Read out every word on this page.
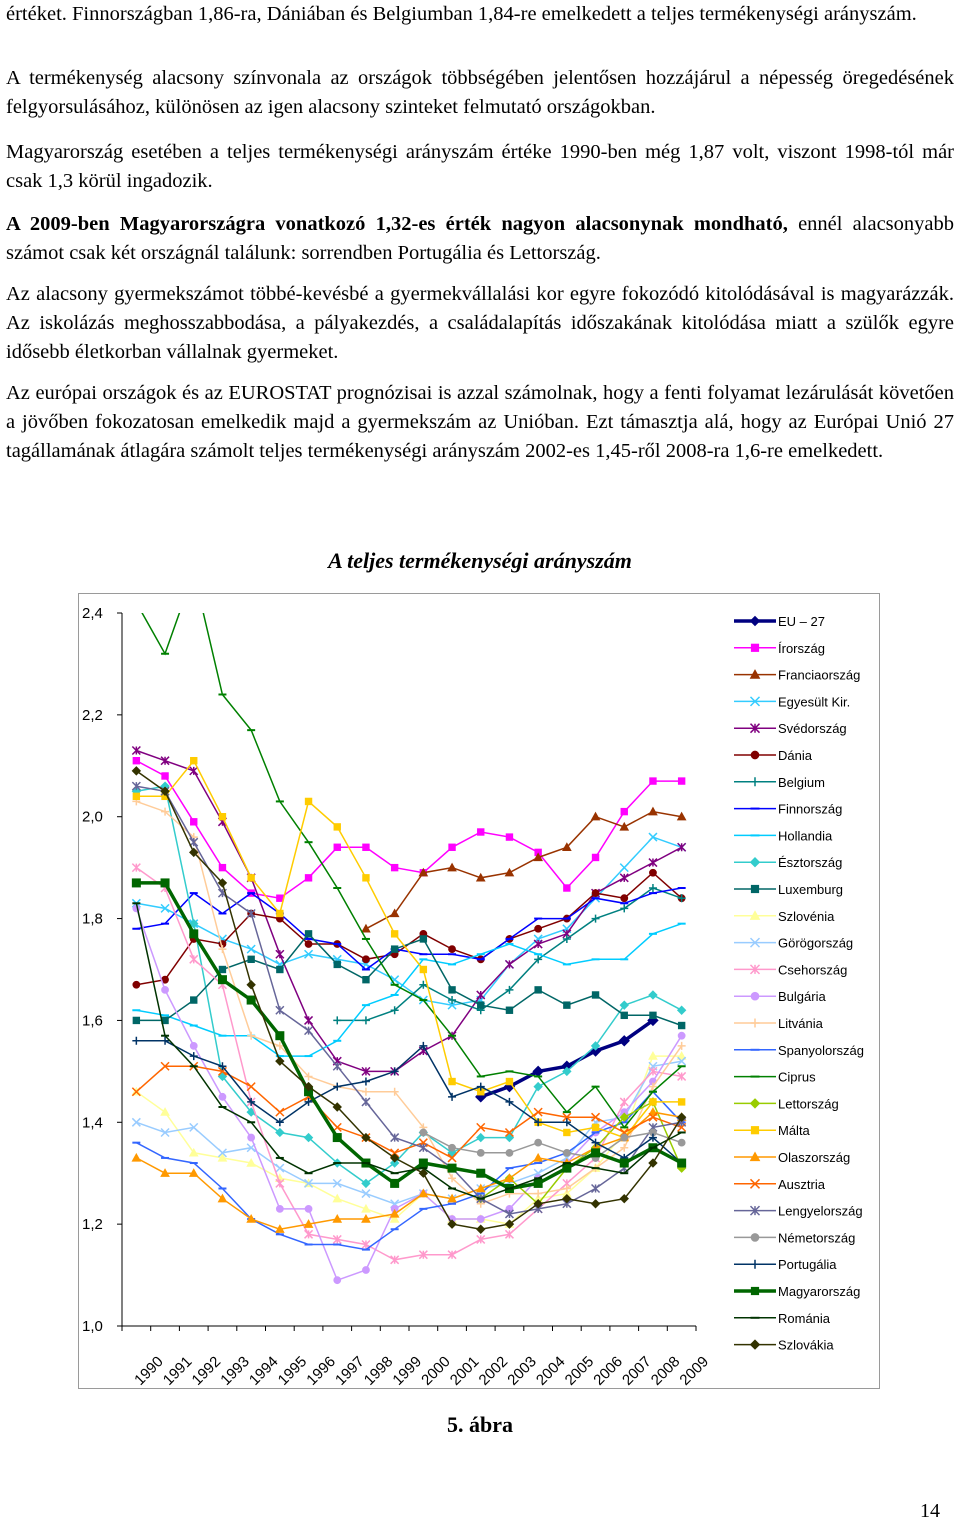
értéket. Finnországban 1,86-ra, Dániában és Belgiumban 1,84-re emelkedett a teljes termékenységi arányszám.

A termékenység alacsony színvonala az országok többségében jelentősen hozzájárul a népesség öregedésének felgyorsulásához, különösen az igen alacsony szinteket felmutató országokban.

Magyarország esetében a teljes termékenységi arányszám értéke 1990-ben még 1,87 volt, viszont 1998-tól már csak 1,3 körül ingadozik.

A 2009-ben Magyarországra vonatkozó 1,32-es érték nagyon alacsonynak mondható, ennél alacsonyabb számot csak két országnál találunk: sorrendben Portugália és Lettország.

Az alacsony gyermekszámot többé-kevésbé a gyermekvállalási kor egyre fokozódó kitolódásával is magyarázzák. Az iskolázás meghosszabbodása, a pályakezdés, a családalapítás időszakának kitolódása miatt a szülők egyre idősebb életkorban vállalnak gyermeket.

Az európai országok és az EUROSTAT prognózisai is azzal számolnak, hogy a fenti folyamat lezárulását követően a jövőben fokozatosan emelkedik majd a gyermekszám az Unióban. Ezt támasztja alá, hogy az Európai Unió 27 tagállamának átlagára számolt teljes termékenységi arányszám 2002-es 1,45-ről 2008-ra 1,6-re emelkedett.

A teljes termékenységi arányszám
2,4
2,2
2,0
1,8
1,6
1,4
1,2
1,0
1990
1991
1992
1993
1994
1995
1996
1997
1998
1999
2000
2001
2002
2003
2004
2005
2006
2007
2008
2009
EU – 27
Írország
Franciaország
Egyesült Kir.
Svédország
Dánia
Belgium
Finnország
Hollandia
Észtország
Luxemburg
Szlovénia
Görögország
Csehország
Bulgária
Litvánia
Spanyolország
Ciprus
Lettország
Málta
Olaszország
Ausztria
Lengyelország
Németország
Portugália
Magyarország
Románia
Szlovákia
5. ábra
14
